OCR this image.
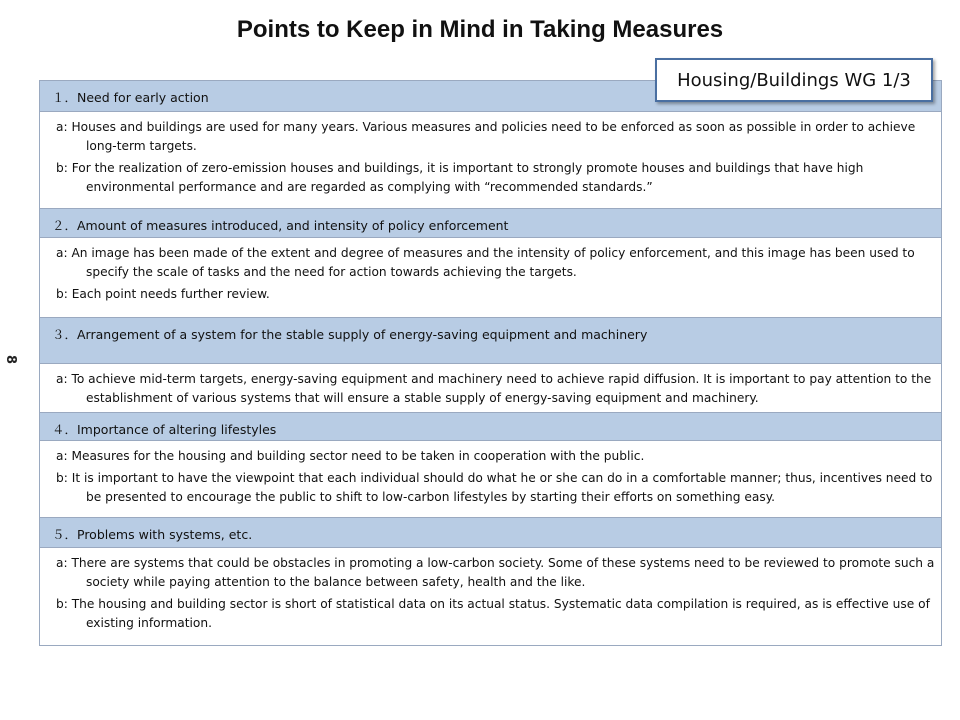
Points to Keep in Mind in Taking Measures
Housing/Buildings WG 1/3
8
１．Need for early action
a: Houses and buildings are used for many years. Various measures and policies need to be enforced as soon as possible in order to achieve long-term targets.
b: For the realization of zero-emission houses and buildings, it is important to strongly promote houses and buildings that have high environmental performance and are regarded as complying with “recommended standards.”
２．Amount of measures introduced, and intensity of policy enforcement
a: An image has been made of the extent and degree of measures and the intensity of policy enforcement, and this image has been used to specify the scale of tasks and the need for action towards achieving the targets.
b: Each point needs further review.
３．Arrangement of a system for the stable supply of energy-saving equipment and machinery
a: To achieve mid-term targets, energy-saving equipment and machinery need to achieve rapid diffusion. It is important to pay attention to the establishment of various systems that will ensure a stable supply of energy-saving equipment and machinery.
４．Importance of altering lifestyles
a: Measures for the housing and building sector need to be taken in cooperation with the public.
b: It is important to have the viewpoint that each individual should do what he or she can do in a comfortable manner; thus, incentives need to be presented to encourage the public to shift to low-carbon lifestyles by starting their efforts on something easy.
５．Problems with systems, etc.
a: There are systems that could be obstacles in promoting a low-carbon society. Some of these systems need to be reviewed to promote such a society while paying attention to the balance between safety, health and the like.
b: The housing and building sector is short of statistical data on its actual status. Systematic data compilation is required, as is effective use of existing information.
